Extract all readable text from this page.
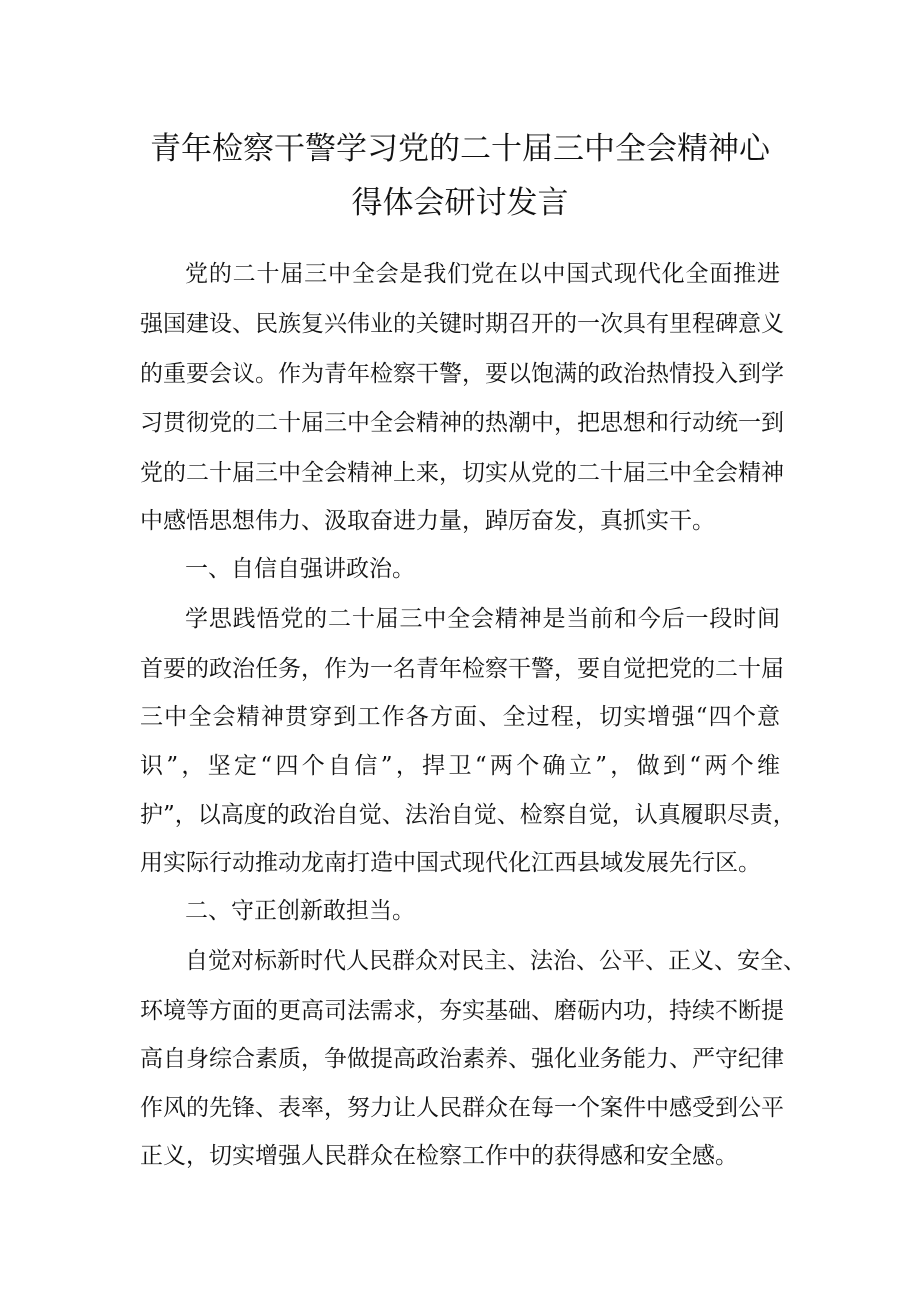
青年检察干警学习党的二十届三中全会精神心
得体会研讨发言
党的二十届三中全会是我们党在以中国式现代化全面推进
强国建设、民族复兴伟业的关键时期召开的一次具有里程碑意义
的重要会议。作为青年检察干警，要以饱满的政治热情投入到学
习贯彻党的二十届三中全会精神的热潮中，把思想和行动统一到
党的二十届三中全会精神上来，切实从党的二十届三中全会精神
中感悟思想伟力、汲取奋进力量，踔厉奋发，真抓实干。
一、自信自强讲政治。
学思践悟党的二十届三中全会精神是当前和今后一段时间
首要的政治任务，作为一名青年检察干警，要自觉把党的二十届
三中全会精神贯穿到工作各方面、全过程，切实增强“四个意
识”，坚定“四个自信”，捍卫“两个确立”，做到“两个维
护”，以高度的政治自觉、法治自觉、检察自觉，认真履职尽责，
用实际行动推动龙南打造中国式现代化江西县域发展先行区。
二、守正创新敢担当。
自觉对标新时代人民群众对民主、法治、公平、正义、安全、
环境等方面的更高司法需求，夯实基础、磨砺内功，持续不断提
高自身综合素质，争做提高政治素养、强化业务能力、严守纪律
作风的先锋、表率，努力让人民群众在每一个案件中感受到公平
正义，切实增强人民群众在检察工作中的获得感和安全感。
